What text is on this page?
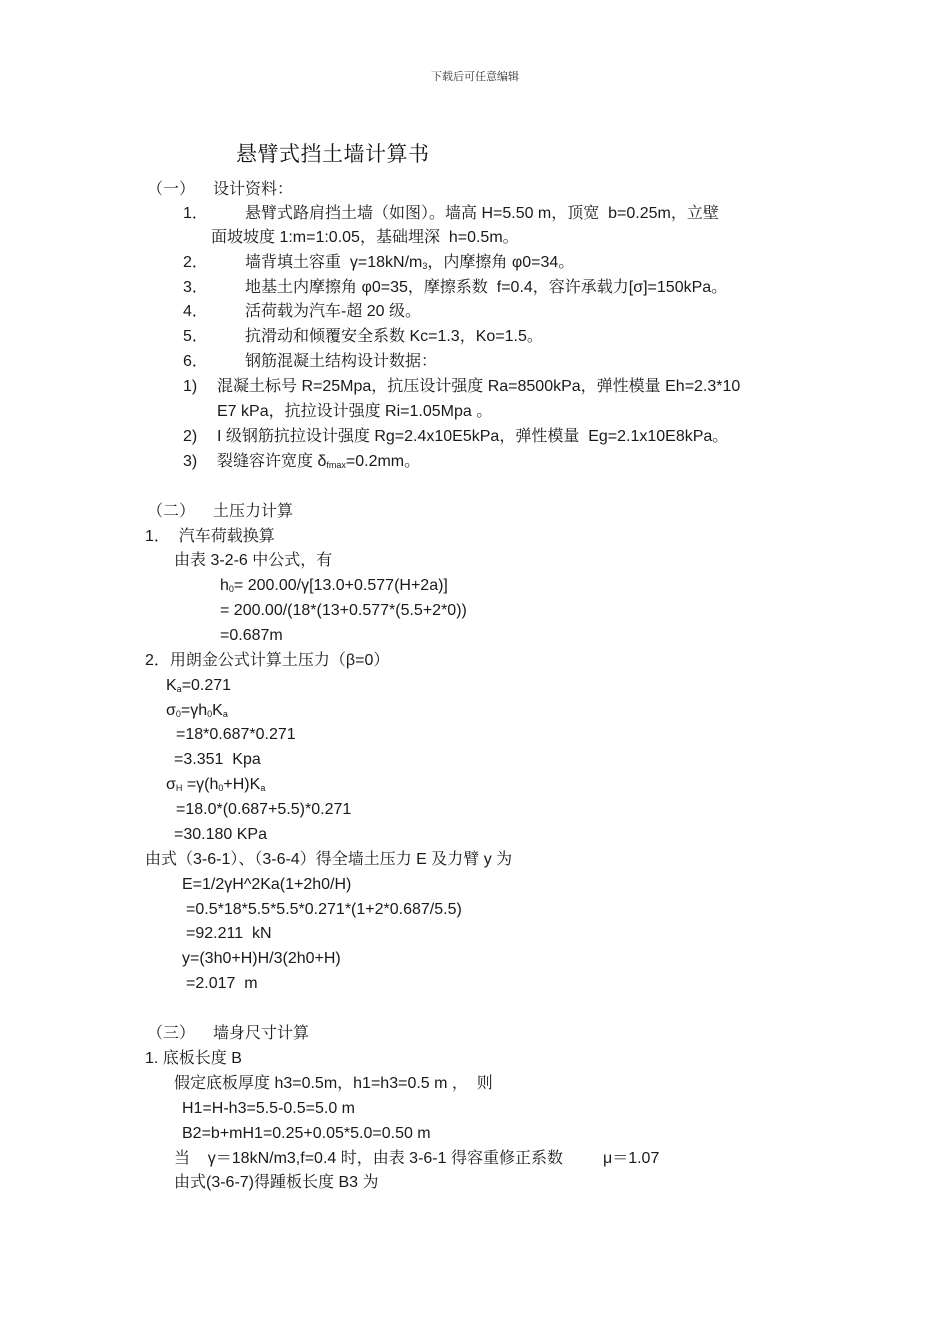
下载后可任意编辑
悬臂式挡土墙计算书
（一） 设计资料：
1． 悬臂式路肩挡土墙（如图）。墙高 H=5.50 m，顶宽  b=0.25m，立壁
面坡坡度 1:m=1:0.05，基础埋深  h=0.5m。
2． 墙背填土容重  $\gamma=18kN/m_3$，内摩擦角 φ0=34。
3． 地基土内摩擦角 φ0=35，摩擦系数  f=0.4，容许承载力[σ]=150kPa。
4． 活荷载为汽车-超 20 级。
5． 抗滑动和倾覆安全系数 Kc=1.3，Ko=1.5。
6． 钢筋混凝土结构设计数据：
1) 混凝土标号 R=25Mpa，抗压设计强度 Ra=8500kPa，弹性模量 Eh=2.3*10
E7 kPa，抗拉设计强度 Ri=1.05Mpa 。
2) I 级钢筋抗拉设计强度 Rg=2.4x10E5kPa，弹性模量  Eg=2.1x10E8kPa。
3) 裂缝容许宽度 $\delta_{fmax}=0.2mm$。
（二） 土压力计算
1．  汽车荷载换算
由表 3-2-6 中公式，有
$h_0= 200.00/\gamma[13.0+0.577(H+2a)]$
= 200.00/(18*(13+0.577*(5.5+2*0))
=0.687m
2．用朗金公式计算土压力（β=0）
$K_a=0.271$
$\sigma_0=\gamma h_0K_a$
=18*0.687*0.271
=3.351  Kpa
$\sigma_H =\gamma(h_0+H)K_a$
=18.0*(0.687+5.5)*0.271
=30.180 KPa
由式（3-6-1）、（3-6-4）得全墙土压力 E 及力臂 y 为
E=1/2γH^2Ka(1+2h0/H)
=0.5*18*5.5*5.5*0.271*(1+2*0.687/5.5)
=92.211  kN
y=(3h0+H)H/3(2h0+H)
=2.017  m
（三） 墙身尺寸计算
1. 底板长度 B
假定底板厚度 h3=0.5m，h1=h3=0.5 m ，  则
H1=H-h3=5.5-0.5=5.0 m
B2=b+mH1=0.25+0.05*5.0=0.50 m
当    γ＝18kN/m3,f=0.4 时，由表 3-6-1 得容重修正系数         μ＝1.07
由式(3-6-7)得踵板长度 B3 为
